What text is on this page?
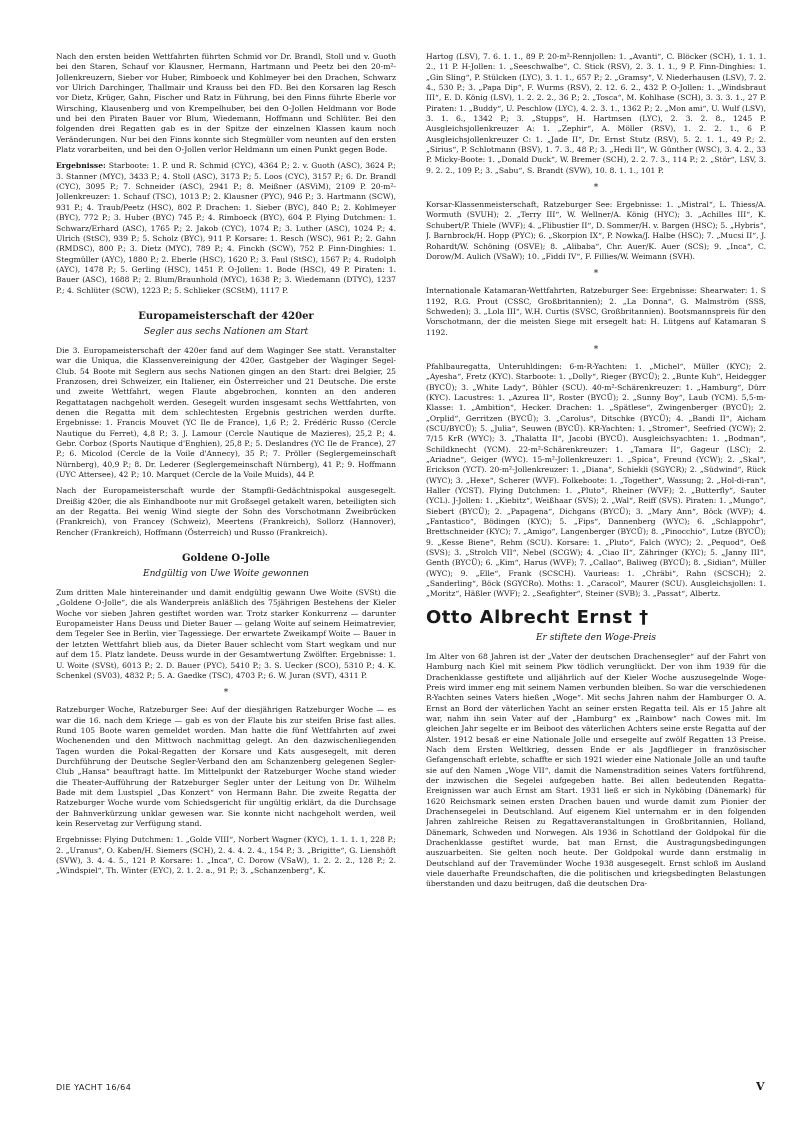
Nach den ersten beiden Wettfahrten führten Schmid vor Dr. Brandl, Stoll und v. Guoth bei den Staren, Schauf vor Klausner, Hermann, Hartmann und Peetz bei den 20-m²-Jollenkreuzern, Sieber vor Huber, Rimboeck und Kohlmeyer bei den Drachen, Schwarz vor Ulrich Darchinger, Thallmair und Krauss bei den FD. Bei den Korsaren lag Resch vor Dietz, Krüger, Gahn, Fischer und Ratz in Führung, bei den Finns führte Eberle vor Wirsching, Klausenberg und von Krempelhuber, bei den O-Jollen Heldmann vor Bode und bei den Piraten Bauer vor Blum, Wiedemann, Hoffmann und Schlüter. Bei den folgenden drei Regatten gab es in der Spitze der einzelnen Klassen kaum noch Veränderungen. Nur bei den Finns konnte sich Stegmüller vom neunten auf den ersten Platz vorarbeiten, und bei den O-Jollen verlor Heldmann um einen Punkt gegen Bode.

Ergebnisse: Starboote: 1. P. und R. Schmid (CYC), 4364 P.; 2. v. Guoth (ASC), 3624 P.; 3. Stanner (MYC), 3433 P.; 4. Stoll (ASC), 3173 P.; 5. Loos (CYC), 3157 P.; 6. Dr. Brandl (CYC), 3095 P.; 7. Schneider (ASC), 2941 P.; 8. Meißner (ASViM), 2109 P. 20-m²-Jollenkreuzer: 1. Schauf (TSC), 1013 P.; 2. Klausner (PYC), 946 P.; 3. Hartmann (SCW), 931 P.; 4. Traub/Peetz (HSC), 802 P. Drachen: 1. Sieber (BYC), 840 P.; 2. Kohlmeyer (BYC), 772 P.; 3. Huber (BYC) 745 P.; 4. Rimboeck (BYC), 604 P. Flying Dutchmen: 1. Schwarz/Erhard (ASC), 1765 P.; 2. Jakob (CYC), 1074 P.; 3. Luther (ASC), 1024 P.; 4. Ulrich (StSC), 939 P.; 5. Scholz (BYC), 911 P. Korsare: 1. Resch (WSC), 961 P.; 2. Gahn (RMDSC), 800 P.; 3. Dietz (MYC), 789 P.; 4. Finckh (SCW), 752 P. Finn-Dinghies: 1. Stegmüller (AYC), 1880 P.; 2. Eberle (HSC), 1620 P.; 3. Faul (StSC), 1567 P.; 4. Rudolph (AYC), 1478 P.; 5. Gerling (HSC), 1451 P. O-Jollen: 1. Bode (HSC), 49 P. Piraten: 1. Bauer (ASC), 1688 P.; 2. Blum/Braunhold (MYC), 1638 P.; 3. Wiedemann (DTYC), 1237 P.; 4. Schlüter (SCW), 1223 P.; 5. Schlieker (SCStM), 1117 P.

Europameisterschaft der 420er
Segler aus sechs Nationen am Start

Die 3. Europameisterschaft der 420er fand auf dem Waginger See statt. Veranstalter war die Uniqua, die Klassenvereinigung der 420er, Gastgeber der Waginger Segel-Club. 54 Boote mit Seglern aus sechs Nationen gingen an den Start: drei Belgier, 25 Franzosen, drei Schweizer, ein Italiener, ein Österreicher und 21 Deutsche. Die erste und zweite Wettfahrt, wegen Flaute abgebrochen, konnten an den anderen Regattatagen nachgeholt werden. Gesegelt wurden insgesamt sechs Wettfahrten, von denen die Regatta mit dem schlechtesten Ergebnis gestrichen werden durfte. Ergebnisse: 1. Francis Mouvet (YC Ile de France), 1,6 P.; 2. Frédéric Russo (Cercle Nautique du Ferret), 4,8 P.; 3. J. Lamour (Cercle Nautique de Mazieres), 25,2 P.; 4. Gebr. Corboz (Sports Nautique d'Enghien), 25,8 P.; 5. Deslandres (YC Ile de France), 27 P.; 6. Micolod (Cercle de la Voile d'Annecy), 35 P.; 7. Pröller (Seglergemeinschaft Nürnberg), 40,9 P.; 8. Dr. Lederer (Seglergemeinschaft Nürnberg), 41 P.; 9. Hoffmann (UYC Attersee), 42 P.; 10. Marquet (Cercle de la Voile Muids), 44 P.

Nach der Europameisterschaft wurde der Stampfli-Gedächtnispokal ausgesegelt. Dreißig 420er, die als Einhandboote nur mit Großsegel getakelt waren, beteiligten sich an der Regatta. Bei wenig Wind siegte der Sohn des Vorschotmann Zweibrücken (Frankreich), von Francey (Schweiz), Meertens (Frankreich), Sollorz (Hannover), Rencher (Frankreich), Hoffmann (Österreich) und Russo (Frankreich).

Goldene O-Jolle
Endgültig von Uwe Woite gewonnen

Zum dritten Male hintereinander und damit endgültig gewann Uwe Woite (SVSt) die „Goldene O-Jolle“, die als Wanderpreis anläßlich des 75jährigen Bestehens der Kieler Woche vor sieben Jahren gestiftet worden war. Trotz starker Konkurrenz — darunter Europameister Hans Deuss und Dieter Bauer — gelang Woite auf seinem Heimatrevier, dem Tegeler See in Berlin, vier Tagessiege. Der erwartete Zweikampf Woite — Bauer in der letzten Wettfahrt blieb aus, da Dieter Bauer schlecht vom Start wegkam und nur auf dem 15. Platz landete. Deuss wurde in der Gesamtwertung Zwölfter. Ergebnisse: 1. U. Woite (SVSt), 6013 P.; 2. D. Bauer (PYC), 5410 P.; 3. S. Uecker (SCO), 5310 P.; 4. K. Schenkel (SV03), 4832 P.; 5. A. Gaedke (TSC), 4703 P.; 6. W. Juran (SVT), 4311 P.

*

Ratzeburger Woche, Ratzeburger See: Auf der diesjährigen Ratzeburger Woche — es war die 16. nach dem Kriege — gab es von der Flaute bis zur steifen Brise fast alles. Rund 105 Boote waren gemeldet worden. Man hatte die fünf Wettfahrten auf zwei Wochenenden und den Mittwoch nachmittag gelegt. An den dazwischenliegenden Tagen wurden die Pokal-Regatten der Korsare und Kats ausgesegelt, mit deren Durchführung der Deutsche Segler-Verband den am Schanzenberg gelegenen Segler-Club „Hansa“ beauftragt hatte. Im Mittelpunkt der Ratzeburger Woche stand wieder die Theater-Aufführung der Ratzeburger Segler unter der Leitung von Dr. Wilhelm Bade mit dem Lustspiel „Das Konzert“ von Hermann Bahr. Die zweite Regatta der Ratzeburger Woche wurde vom Schiedsgericht für ungültig erklärt, da die Durchsage der Bahnverkürzung unklar gewesen war. Sie konnte nicht nachgeholt werden, weil kein Reservetag zur Verfügung stand.

Ergebnisse: Flying Dutchmen: 1. „Golde VIII“, Norbert Wagner (KYC), 1. 1. 1. 1, 228 P.; 2. „Uranus“, O. Kaben/H. Siemers (SCH), 2. 4. 4. 2. 4., 154 P.; 3. „Brigitte“, G. Lienshöft (SVW), 3. 4. 4. 5., 121 P. Korsare: 1. „Inca“, C. Dorow (VSaW), 1. 2. 2. 2., 128 P.; 2. „Windspiel“, Th. Winter (EYC), 2. 1. 2. a., 91 P.; 3. „Schanzenberg“, K.

Hartog (LSV), 7. 6. 1. 1., 89 P. 20-m²-Rennjollen: 1. „Avanti“, C. Blöcker (SCH), 1. 1. 1. 2., 11 P. H-Jollen: 1. „Seeschwalbe“, C. Stick (RSV), 2. 3. 1. 1., 9 P. Finn-Dinghies: 1. „Gin Sling“, P. Stülcken (LYC), 3. 1. 1., 657 P.; 2. „Gramsy“, V. Niederhausen (LSV), 7. 2. 4., 530 P.; 3. „Papa Dip“, F. Wurms (RSV), 2. 12. 6. 2., 432 P. O-Jollen: 1. „Windsbraut III“, E. D. König (LSV), 1. 2. 2. 2., 36 P.; 2. „Tosca“, M. Kohlhase (SCH), 3. 3. 3. 1., 27 P. Piraten: 1. „Buddy“, U. Peschlow (LYC), 4. 2. 3. 1., 1362 P.; 2. „Mon ami“, U. Wulf (LSV), 3. 1. 6., 1342 P.; 3. „Stupps“, H. Hartmsen (LYC), 2. 3. 2. 8., 1245 P. Ausgleichsjollenkreuzer A: 1. „Zephir“, A. Möller (RSV), 1. 2. 2. 1., 6 P. Ausgleichsjollenkreuzer C: 1. „Jade II“, Dr. Ernst Stutz (RSV), 5. 2. 1. 1., 49 P.; 2. „Sirius“, P. Schlotmann (BSV), 1. 7. 3., 48 P.; 3. „Hedi II“, W. Günther (WSC), 3. 4. 2., 33 P. Micky-Boote: 1. „Donald Duck“, W. Bremer (SCH), 2. 2. 7. 3., 114 P.; 2. „Stör“, LSV, 3. 9. 2. 2., 109 P.; 3. „Sabu“, S. Brandt (SVW), 10. 8. 1. 1., 101 P.

*

Korsar-Klassenmeisterschaft, Ratzeburger See: Ergebnisse: 1. „Mistral“, L. Thiess/A. Wormuth (SVUH); 2. „Terry III“, W. Wellner/A. König (HYC); 3. „Achilles III“, K. Schubert/P. Thiele (WVF); 4. „Flibustier II“, D. Sommer/H. v. Bargen (HSC); 5. „Hybris“, J. Barnbrock/H. Hopp (PYC); 6. „Skorpion IX“, P. Nowka/J. Halbe (HSC); 7. „Mucsi II“, J. Rohardt/W. Schöning (OSVE); 8. „Alibaba“, Chr. Auer/K. Auer (SCS); 9. „Inca“, C. Dorow/M. Aulich (VSaW); 10. „Fiddi IV“, F. Fillies/W. Weimann (SVH).

*

Internationale Katamaran-Wettfahrten, Ratzeburger See: Ergebnisse: Shearwater: 1. S 1192, R.G. Prout (CSSC, Großbritannien); 2. „La Donna“, G. Malmström (SSS, Schweden); 3. „Lola III“, W.H. Curtis (SVSC, Großbritannien). Bootsmannspreis für den Vorschotmann, der die meisten Siege mit ersegelt hat: H. Lütgens auf Katamaran S 1192.

*

Pfahlbauregatta, Unteruhldingen: 6-m-R-Yachten: 1. „Michel“, Müller (KYC); 2. „Ayesha“, Fretz (KYC). Starboote: 1. „Dolly“, Rieger (BYCÜ); 2. „Bunte Kuh“, Heidegger (BYCÜ); 3. „White Lady“, Bühler (SCU). 40-m²-Schärenkreuzer: 1. „Hamburg“, Dürr (KYC). Lacustres: 1. „Azurea II“, Roster (BYCÜ); 2. „Sunny Boy“, Laub (YCM). 5,5-m-Klasse: 1. „Ambition“, Hecker. Drachen: 1. „Spätlese“, Zwingenberger (BYCÜ); 2. „Orplid“, Gerritzen (BYCÜ); 3. „Carolus“, Ditschke (BYCÜ); 4. „Bandi II“, Aicham (SCU/BYCÜ); 5. „Julia“, Seuwen (BYCÜ). KR-Yachten: 1. „Stromer“, Seefried (YCW); 2. 7/15 KrR (WYC); 3. „Thalatta II“, Jacobi (BYCÜ). Ausgleichsyachten: 1. „Bodman“, Schildknecht (YCM). 22-m²-Schärenkreuzer: 1. „Tamara II“, Gageur (LSC); 2. „Ariadne“, Geiger (WYC). 15-m²-Jollenkreuzer: 1. „Spica“, Freund (YCW); 2. „Skal“, Erickson (YCT). 20-m²-Jollenkreuzer: 1. „Diana“, Schiekli (SGYCR); 2. „Südwind“, Rück (WYC); 3. „Hexe“, Scherer (WVF). Folkeboote: 1. „Together“, Wassung; 2. „Hol-di-ran“, Haller (YCST). Flying Dutchmen: 1. „Pluto“, Rheiner (WVF); 2. „Butterfly“, Sauter (YCL). J-Jollen: 1. „Kiebitz“, Weißhaar (SVS); 2. „Wal“, Reiff (SVS). Piraten: 1. „Mungo“, Siebert (BYCÜ); 2. „Papagena“, Dichgans (BYCÜ); 3. „Mary Ann“, Böck (WVF); 4. „Fantastico“, Bödingen (KYC); 5. „Fips“, Dannenberg (WYC); 6. „Schlappohr“, Brettschneider (KYC); 7. „Amigo“, Langenberger (BYCÜ); 8. „Pinocchio“, Lutze (BYCÜ); 9. „Kesse Biene“, Rehm (SCU). Korsare: 1. „Pluto“, Falch (WYC); 2. „Pequod“, Oeß (SVS); 3. „Strolch VII“, Nebel (SCGW); 4. „Ciao II“, Zähringer (KYC); 5. „Janny III“, Genth (BYCÜ); 6. „Kim“, Harus (WVF); 7. „Callao“, Baliweg (BYCÜ); 8. „Sidian“, Müller (WYC); 9. „Elle“, Frank (SCSCH). Vaurieas: 1. „Chräbi“, Rahn (SCSCH); 2. „Sanderling“, Böck (SGYCRo). Moths: 1. „Caracol“, Maurer (SCU). Ausgleichsjollen: 1. „Moritz“, Häßler (WVF); 2. „Seafighter“, Steiner (SVB); 3. „Passat“, Albertz.

Otto Albrecht Ernst †
Er stiftete den Woge-Preis

Im Alter von 68 Jahren ist der „Vater der deutschen Drachensegler“ auf der Fahrt von Hamburg nach Kiel mit seinem Pkw tödlich verunglückt. Der von ihm 1939 für die Drachenklasse gestiftete und alljährlich auf der Kieler Woche auszusegelnde Woge-Preis wird immer eng mit seinem Namen verbunden bleiben. So war die verschiedenen R-Yachten seines Vaters hießen „Woge“. Mit sechs Jahren nahm der Hamburger O. A. Ernst an Bord der väterlichen Yacht an seiner ersten Regatta teil. Als er 15 Jahre alt war, nahm ihn sein Vater auf der „Hamburg“ ex „Rainbow“ nach Cowes mit. Im gleichen Jahr segelte er im Beiboot des väterlichen Achters seine erste Regatta auf der Alster. 1912 besaß er eine Nationale Jolle und ersegelte auf zwölf Regatten 13 Preise. Nach dem Ersten Weltkrieg, dessen Ende er als Jagdflieger in französischer Gefangenschaft erlebte, schaffte er sich 1921 wieder eine Nationale Jolle an und taufte sie auf den Namen „Woge VII“, damit die Namenstradition seines Vaters fortführend, der inzwischen die Segelei aufgegeben hatte. Bei allen bedeutenden Regatta-Ereignissen war auch Ernst am Start. 1931 ließ er sich in Nyköbing (Dänemark) für 1620 Reichsmark seinen ersten Drachen bauen und wurde damit zum Pionier der Drachensegelei in Deutschland. Auf eigenem Kiel unternahm er in den folgenden Jahren zahlreiche Reisen zu Regattaveranstaltungen in Großbritannien, Holland, Dänemark, Schweden und Norwegen. Als 1936 in Schottland der Goldpokal für die Drachenklasse gestiftet wurde, bat man Ernst, die Austragungsbedingungen auszuarbeiten. Sie gelten noch heute. Der Goldpokal wurde dann erstmalig in Deutschland auf der Travemünder Woche 1938 ausgesegelt. Ernst schloß im Ausland viele dauerhafte Freundschaften, die die politischen und kriegsbedingten Belastungen überstanden und dazu beitrugen, daß die deutschen Dra-

DIE YACHT 16/64	V
